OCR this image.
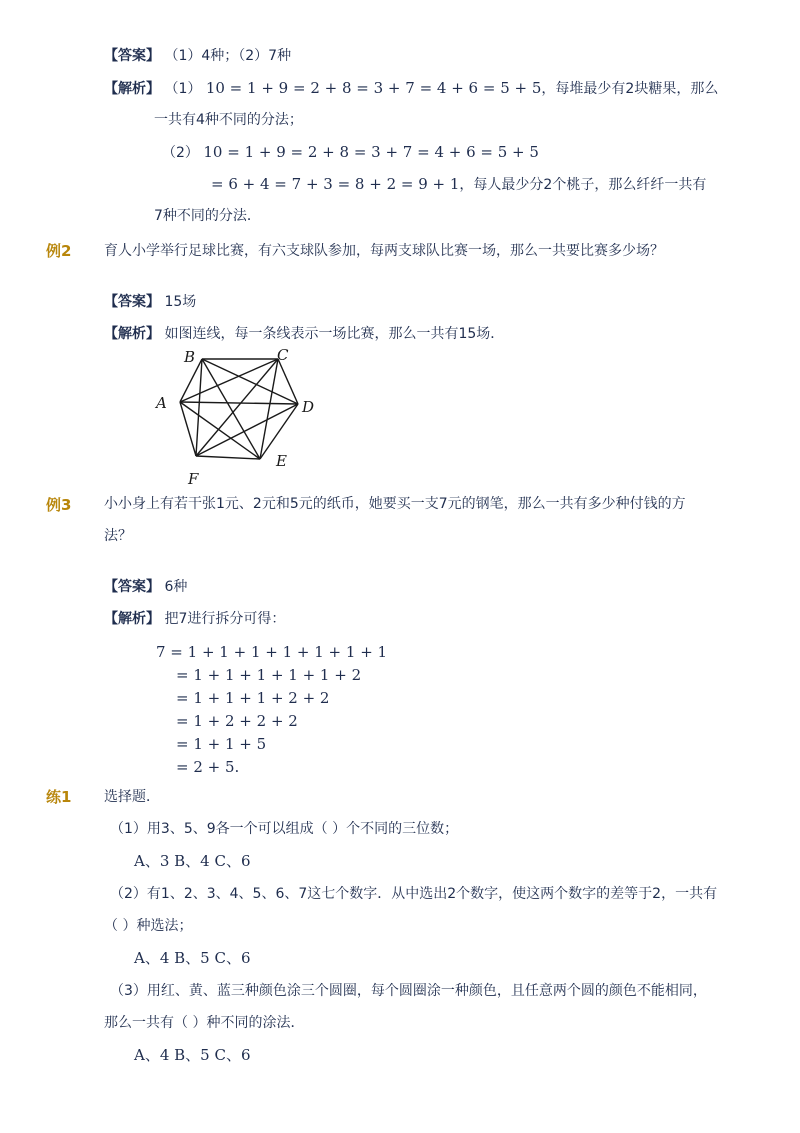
【答案】 （1）4种；（2）7种
【解析】 （1） 10 = 1 + 9 = 2 + 8 = 3 + 7 = 4 + 6 = 5 + 5，每堆最少有2块糖果，那么
一共有4种不同的分法；
（2） 10 = 1 + 9 = 2 + 8 = 3 + 7 = 4 + 6 = 5 + 5
= 6 + 4 = 7 + 3 = 8 + 2 = 9 + 1，每人最少分2个桃子，那么纤纤一共有
7种不同的分法．
例2 育人小学举行足球比赛，有六支球队参加，每两支球队比赛一场，那么一共要比赛多少场？
【答案】 15场
【解析】 如图连线，每一条线表示一场比赛，那么一共有15场．
A
B	C
D
E
F
例3 小小身上有若干张1元、2元和5元的纸币，她要买一支7元的钢笔，那么一共有多少种付钱的方
法？
【答案】 6种
【解析】 把7进行拆分可得：
7 = 1 + 1 + 1 + 1 + 1 + 1 + 1
= 1 + 1 + 1 + 1 + 1 + 2
= 1 + 1 + 1 + 2 + 2
= 1 + 2 + 2 + 2
= 1 + 1 + 5
= 2 + 5.
练1 选择题．
（1）用3、5、9各一个可以组成（ ）个不同的三位数；
A、3 B、4 C、6
（2）有1、2、3、4、5、6、7这七个数字．从中选出2个数字，使这两个数字的差等于2，一共有
（ ）种选法；
A、4 B、5 C、6
（3）用红、黄、蓝三种颜色涂三个圆圈，每个圆圈涂一种颜色，且任意两个圆的颜色不能相同，
那么一共有（ ）种不同的涂法．
A、4 B、5 C、6
